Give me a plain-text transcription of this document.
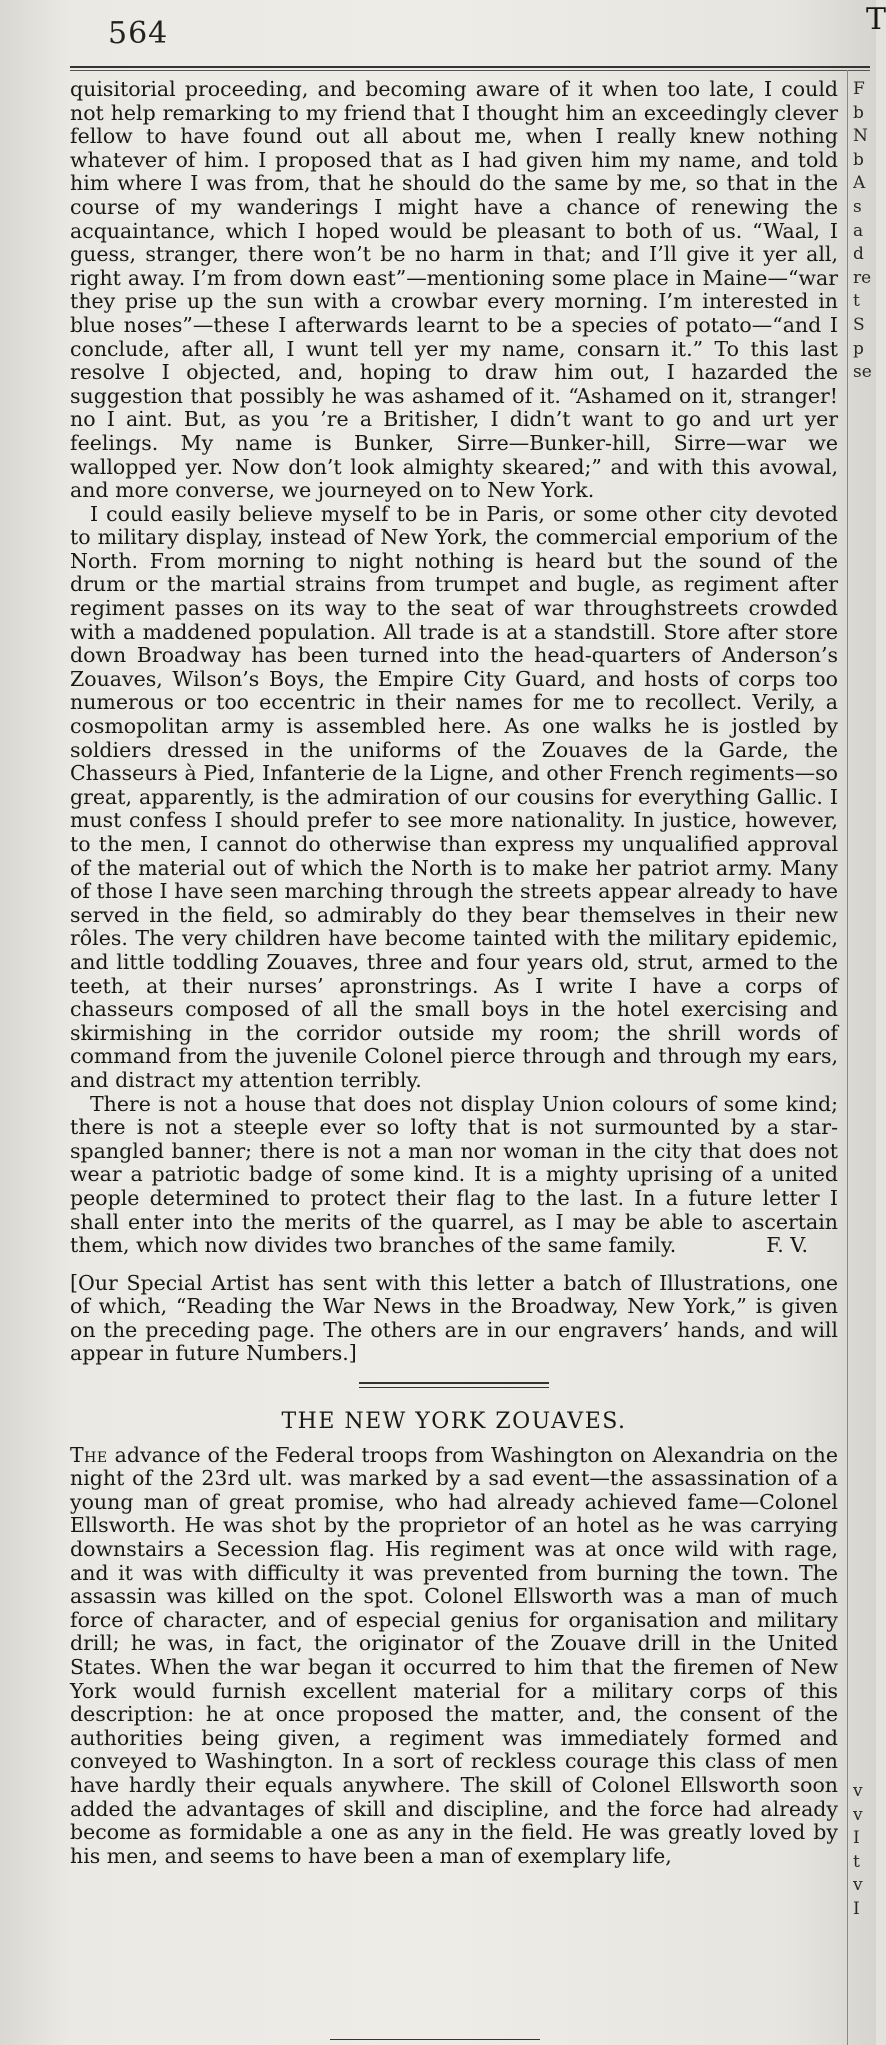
564	T

quisitorial proceeding, and becoming aware of it when too late, I could not help remarking to my friend that I thought him an exceedingly clever fellow to have found out all about me, when I really knew nothing whatever of him. I proposed that as I had given him my name, and told him where I was from, that he should do the same by me, so that in the course of my wanderings I might have a chance of renewing the acquaintance, which I hoped would be pleasant to both of us. “Waal, I guess, stranger, there won’t be no harm in that; and I’ll give it yer all, right away. I’m from down east”—mentioning some place in Maine—“war they prise up the sun with a crowbar every morning. I’m interested in blue noses”—these I afterwards learnt to be a species of potato—“and I conclude, after all, I wunt tell yer my name, consarn it.” To this last resolve I objected, and, hoping to draw him out, I hazarded the suggestion that possibly he was ashamed of it. “Ashamed on it, stranger! no I aint. But, as you ’re a Britisher, I didn’t want to go and urt yer feelings. My name is Bunker, Sirre—Bunker-hill, Sirre—war we wallopped yer. Now don’t look almighty skeared;” and with this avowal, and more converse, we journeyed on to New York.

I could easily believe myself to be in Paris, or some other city devoted to military display, instead of New York, the commercial emporium of the North. From morning to night nothing is heard but the sound of the drum or the martial strains from trumpet and bugle, as regiment after regiment passes on its way to the seat of war throughstreets crowded with a maddened population. All trade is at a standstill. Store after store down Broadway has been turned into the head-quarters of Anderson’s Zouaves, Wilson’s Boys, the Empire City Guard, and hosts of corps too numerous or too eccentric in their names for me to recollect. Verily, a cosmopolitan army is assembled here. As one walks he is jostled by soldiers dressed in the uniforms of the Zouaves de la Garde, the Chasseurs à Pied, Infanterie de la Ligne, and other French regiments—so great, apparently, is the admiration of our cousins for everything Gallic. I must confess I should prefer to see more nationality. In justice, however, to the men, I cannot do otherwise than express my unqualified approval of the material out of which the North is to make her patriot army. Many of those I have seen marching through the streets appear already to have served in the field, so admirably do they bear themselves in their new rôles. The very children have become tainted with the military epidemic, and little toddling Zouaves, three and four years old, strut, armed to the teeth, at their nurses’ apronstrings. As I write I have a corps of chasseurs composed of all the small boys in the hotel exercising and skirmishing in the corridor outside my room; the shrill words of command from the juvenile Colonel pierce through and through my ears, and distract my attention terribly.

There is not a house that does not display Union colours of some kind; there is not a steeple ever so lofty that is not surmounted by a star-spangled banner; there is not a man nor woman in the city that does not wear a patriotic badge of some kind. It is a mighty uprising of a united people determined to protect their flag to the last. In a future letter I shall enter into the merits of the quarrel, as I may be able to ascertain them, which now divides two branches of the same family.	F. V.

[Our Special Artist has sent with this letter a batch of Illustrations, one of which, “Reading the War News in the Broadway, New York,” is given on the preceding page. The others are in our engravers’ hands, and will appear in future Numbers.]

THE NEW YORK ZOUAVES.

The advance of the Federal troops from Washington on Alexandria on the night of the 23rd ult. was marked by a sad event—the assassination of a young man of great promise, who had already achieved fame—Colonel Ellsworth. He was shot by the proprietor of an hotel as he was carrying downstairs a Secession flag. His regiment was at once wild with rage, and it was with difficulty it was prevented from burning the town. The assassin was killed on the spot. Colonel Ellsworth was a man of much force of character, and of especial genius for organisation and military drill; he was, in fact, the originator of the Zouave drill in the United States. When the war began it occurred to him that the firemen of New York would furnish excellent material for a military corps of this description: he at once proposed the matter, and, the consent of the authorities being given, a regiment was immediately formed and conveyed to Washington. In a sort of reckless courage this class of men have hardly their equals anywhere. The skill of Colonel Ellsworth soon added the advantages of skill and discipline, and the force had already become as formidable a one as any in the field. He was greatly loved by his men, and seems to have been a man of exemplary life,

F
b
N
b
A
s
a
d
re
t
S
p
se
v
v
I
t
v
I
